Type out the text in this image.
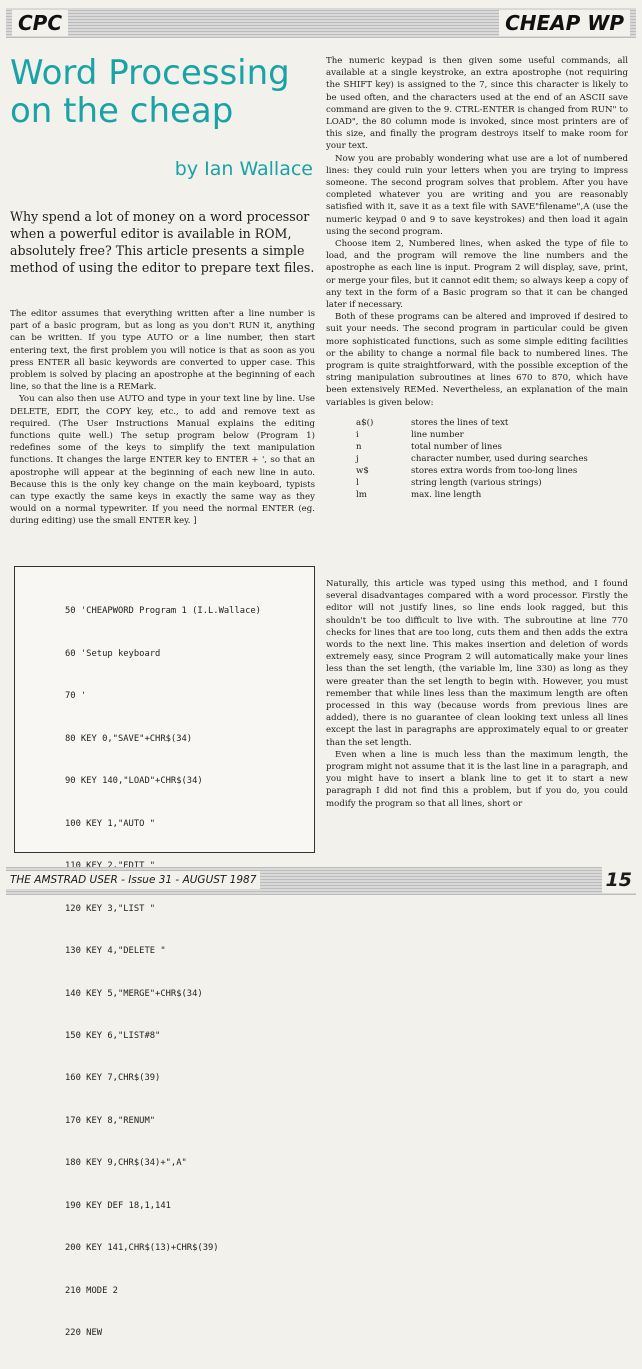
CPC	CHEAP WP
Word Processing
on the cheap
by Ian Wallace

Why spend a lot of money on a word processor when a powerful editor is available in ROM, absolutely free? This article presents a simple method of using the editor to prepare text files.

The editor assumes that everything written after a line number is part of a basic program, but as long as you don't RUN it, anything can be written. If you type AUTO or a line number, then start entering text, the first problem you will notice is that as soon as you press ENTER all basic keywords are converted to upper case. This problem is solved by placing an apostrophe at the beginning of each line, so that the line is a REMark.

You can also then use AUTO and type in your text line by line. Use DELETE, EDIT, the COPY key, etc., to add and remove text as required. (The User Instructions Manual explains the editing functions quite well.) The setup program below (Program 1) redefines some of the keys to simplify the text manipulation functions. It changes the large ENTER key to ENTER + ', so that an apostrophe will appear at the beginning of each new line in auto. Because this is the only key change on the main keyboard, typists can type exactly the same keys in exactly the same way as they would on a normal typewriter. If you need the normal ENTER (eg. during editing) use the small ENTER key. ]

50 'CHEAPWORD Program 1 (I.L.Wallace)

60 'Setup keyboard

70 '

80 KEY 0,"SAVE"+CHR$(34)

90 KEY 140,"LOAD"+CHR$(34)

100 KEY 1,"AUTO "

120 KEY 3,"LIST "

130 KEY 4,"DELETE "

140 KEY 5,"MERGE"+CHR$(34)

150 KEY 6,"LIST#8"

160 KEY 7,CHR$(39)

170 KEY 8,"RENUM"

180 KEY 9,CHR$(34)+",A"

190 KEY DEF 18,1,141

200 KEY 141,CHR$(13)+CHR$(39)

210 MODE 2

220 NEW

The numeric keypad is then given some useful commands, all available at a single keystroke, an extra apostrophe (not requiring the SHIFT key) is assigned to the 7, since this character is likely to be used often, and the characters used at the end of an ASCII save command are given to the 9. CTRL-ENTER is changed from RUN" to LOAD", the 80 column mode is invoked, since most printers are of this size, and finally the program destroys itself to make room for your text.

Now you are probably wondering what use are a lot of numbered lines: they could ruin your letters when you are trying to impress someone. The second program solves that problem. After you have completed whatever you are writing and you are reasonably satisfied with it, save it as a text file with SAVE"filename",A (use the numeric keypad 0 and 9 to save keystrokes) and then load it again using the second program.

Choose item 2, Numbered lines, when asked the type of file to load, and the program will remove the line numbers and the apostrophe as each line is input. Program 2 will display, save, print, or merge your files, but it cannot edit them; so always keep a copy of any text in the form of a Basic program so that it can be changed later if necessary.

Both of these programs can be altered and improved if desired to suit your needs. The second program in particular could be given more sophisticated functions, such as some simple editing facilities or the ability to change a normal file back to numbered lines. The program is quite straightforward, with the possible exception of the string manipulation subroutines at lines 670 to 870, which have been extensively REMed. Nevertheless, an explanation of the main variables is given below:

a$()	stores the lines of text
i	line number
n	total number of lines
j	character number, used during searches
w$	stores extra words from too-long lines
l	string length (various strings)
lm	max. line length

Naturally, this article was typed using this method, and I found several disadvantages compared with a word processor. Firstly the editor will not justify lines, so line ends look ragged, but this shouldn't be too difficult to live with. The subroutine at line 770 checks for lines that are too long, cuts them and then adds the extra words to the next line. This makes insertion and deletion of words extremely easy, since Program 2 will automatically make your lines less than the set length, (the variable lm, line 330) as long as they were greater than the set length to begin with. However, you must remember that while lines less than the maximum length are often processed in this way (because words from previous lines are added), there is no guarantee of clean looking text unless all lines except the last in paragraphs are approximately equal to or greater than the set length.

Even when a line is much less than the maximum length, the program might not assume that it is the last line in a paragraph, and you might have to insert a blank line to get it to start a new paragraph I did not find this a problem, but if you do, you could modify the program so that all lines, short or

THE AMSTRAD USER - Issue 31 - AUGUST 1987	15
